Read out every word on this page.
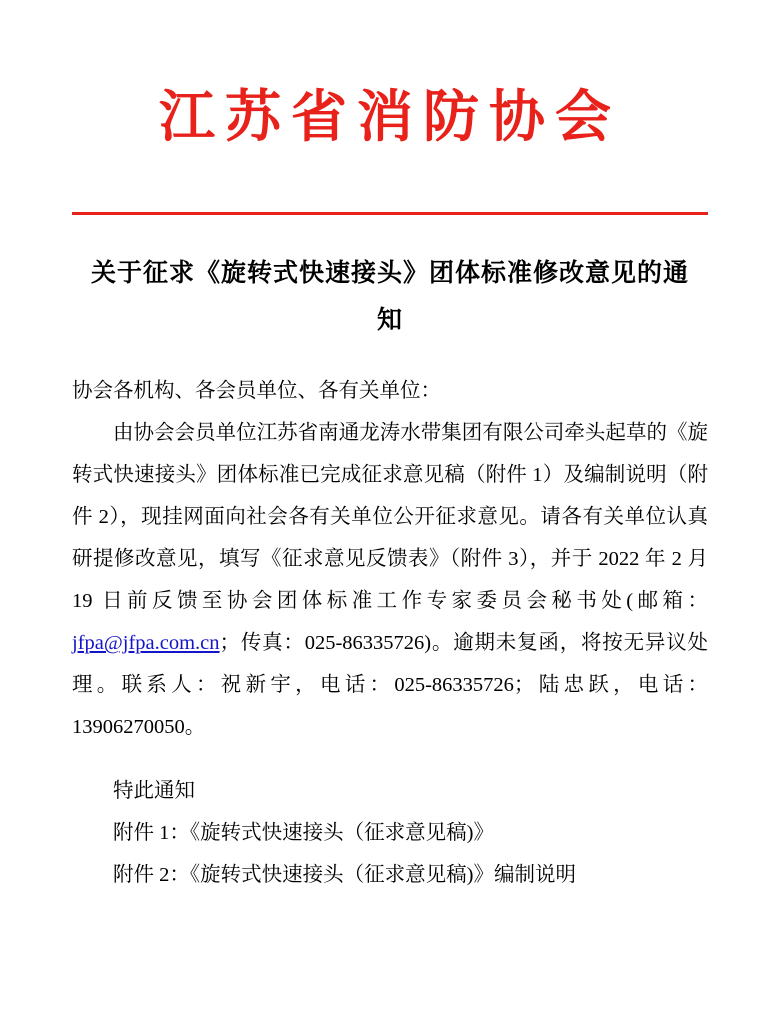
江苏省消防协会
关于征求《旋转式快速接头》团体标准修改意见的通知

协会各机构、各会员单位、各有关单位：

由协会会员单位江苏省南通龙涛水带集团有限公司牵头起草的《旋转式快速接头》团体标准已完成征求意见稿（附件 1）及编制说明（附件 2），现挂网面向社会各有关单位公开征求意见。请各有关单位认真研提修改意见，填写《征求意见反馈表》（附件 3），并于 2022 年 2 月 19 日前反馈至协会团体标准工作专家委员会秘书处(邮箱：jfpa@jfpa.com.cn；传真：025-86335726)。逾期未复函，将按无异议处理。联系人：祝新宇，电话：025-86335726；陆忠跃，电话：13906270050。

特此通知

附件 1：《旋转式快速接头（征求意见稿)》

附件 2：《旋转式快速接头（征求意见稿)》编制说明
